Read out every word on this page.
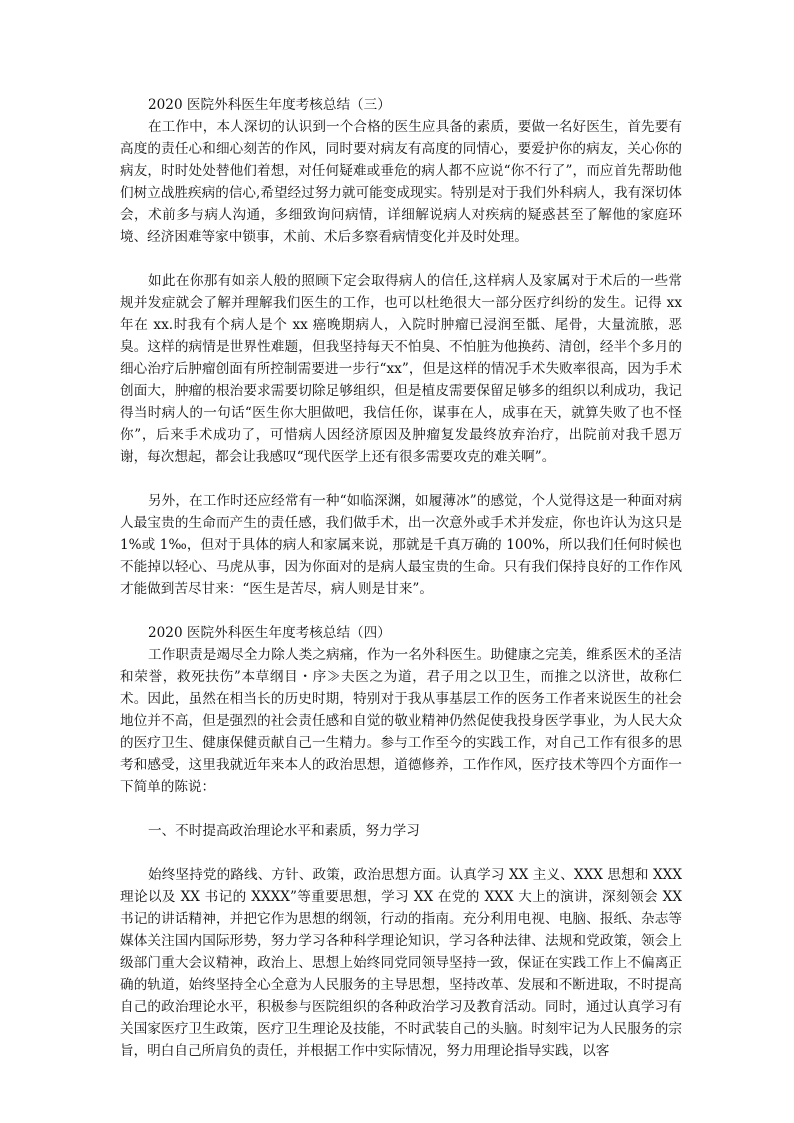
2020 医院外科医生年度考核总结（三）

在工作中，本人深切的认识到一个合格的医生应具备的素质，要做一名好医生，首先要有高度的责任心和细心刻苦的作风，同时要对病友有高度的同情心，要爱护你的病友，关心你的病友，时时处处替他们着想，对任何疑难或垂危的病人都不应说“你不行了”，而应首先帮助他们树立战胜疾病的信心,希望经过努力就可能变成现实。特别是对于我们外科病人，我有深切体会，术前多与病人沟通，多细致询问病情，详细解说病人对疾病的疑惑甚至了解他的家庭环境、经济困难等家中锁事，术前、术后多察看病情变化并及时处理。

如此在你那有如亲人般的照顾下定会取得病人的信任,这样病人及家属对于术后的一些常规并发症就会了解并理解我们医生的工作，也可以杜绝很大一部分医疗纠纷的发生。记得 xx 年在 xx.时我有个病人是个 xx 癌晚期病人，入院时肿瘤已浸润至骶、尾骨，大量流脓，恶臭。这样的病情是世界性难题，但我坚持每天不怕臭、不怕脏为他换药、清创，经半个多月的细心治疗后肿瘤创面有所控制需要进一步行“xx”，但是这样的情况手术失败率很高，因为手术创面大，肿瘤的根治要求需要切除足够组织，但是植皮需要保留足够多的组织以利成功，我记得当时病人的一句话“医生你大胆做吧，我信任你，谋事在人，成事在天，就算失败了也不怪你”，后来手术成功了，可惜病人因经济原因及肿瘤复发最终放弃治疗，出院前对我千恩万谢，每次想起，都会让我感叹“现代医学上还有很多需要攻克的难关啊”。

另外，在工作时还应经常有一种“如临深渊，如履薄冰”的感觉，个人觉得这是一种面对病人最宝贵的生命而产生的责任感，我们做手术，出一次意外或手术并发症，你也许认为这只是 1%或 1‰，但对于具体的病人和家属来说，那就是千真万确的 100%，所以我们任何时候也不能掉以轻心、马虎从事，因为你面对的是病人最宝贵的生命。只有我们保持良好的工作作风才能做到苦尽甘来：“医生是苦尽，病人则是甘来”。

2020 医院外科医生年度考核总结（四）

工作职责是竭尽全力除人类之病痛，作为一名外科医生。助健康之完美，维系医术的圣洁和荣誉，救死扶伤”本草纲目・序≫夫医之为道，君子用之以卫生，而推之以济世，故称仁术。因此，虽然在相当长的历史时期，特别对于我从事基层工作的医务工作者来说医生的社会地位并不高，但是强烈的社会责任感和自觉的敬业精神仍然促使我投身医学事业，为人民大众的医疗卫生、健康保健贡献自己一生精力。参与工作至今的实践工作，对自己工作有很多的思考和感受，这里我就近年来本人的政治思想，道德修养，工作作风，医疗技术等四个方面作一下简单的陈说：

一、不时提高政治理论水平和素质，努力学习

始终坚持党的路线、方针、政策，政治思想方面。认真学习 XX 主义、XXX 思想和 XXX 理论以及 XX 书记的 XXXX”等重要思想，学习 XX 在党的 XXX 大上的演讲，深刻领会 XX 书记的讲话精神，并把它作为思想的纲领，行动的指南。充分利用电视、电脑、报纸、杂志等媒体关注国内国际形势，努力学习各种科学理论知识，学习各种法律、法规和党政策，领会上级部门重大会议精神，政治上、思想上始终同党同领导坚持一致，保证在实践工作上不偏离正确的轨道，始终坚持全心全意为人民服务的主导思想，坚持改革、发展和不断进取，不时提高自己的政治理论水平，积极参与医院组织的各种政治学习及教育活动。同时，通过认真学习有关国家医疗卫生政策，医疗卫生理论及技能，不时武装自己的头脑。时刻牢记为人民服务的宗旨，明白自己所肩负的责任，并根据工作中实际情况，努力用理论指导实践，以客
